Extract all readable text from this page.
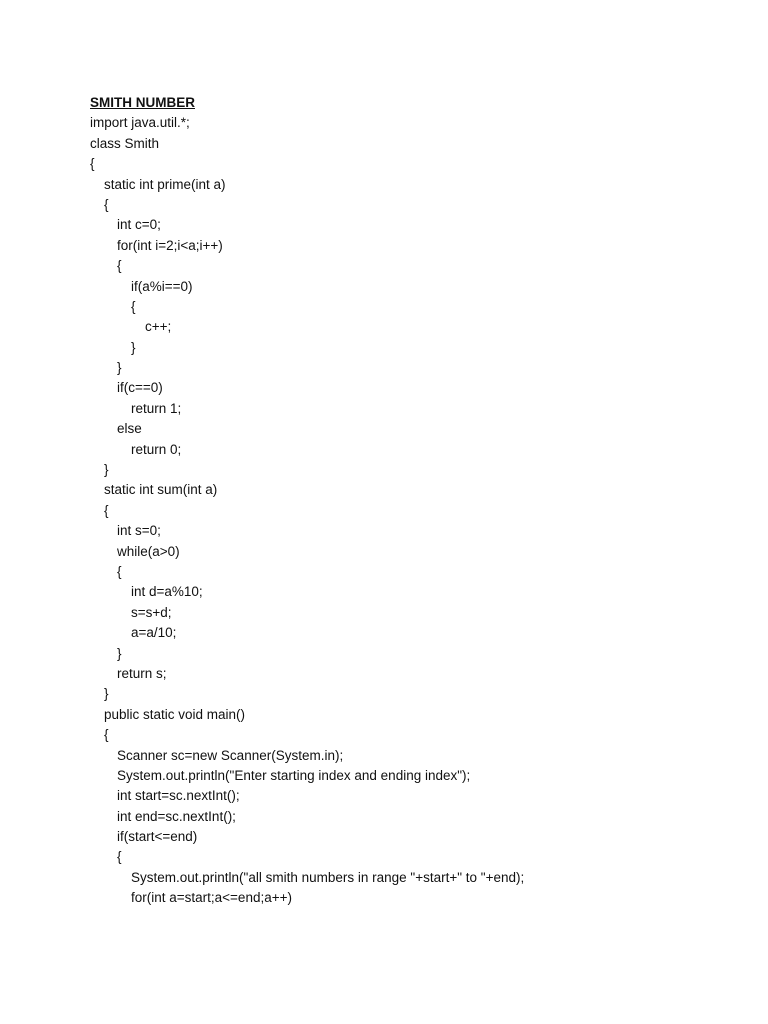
SMITH NUMBER
import java.util.*;
class Smith
{
static int prime(int a)
{
int c=0;
for(int i=2;i<a;i++)
{
if(a%i==0)
{
c++;
}
}
if(c==0)
return 1;
else
return 0;
}
static int sum(int a)
{
int s=0;
while(a>0)
{
int d=a%10;
s=s+d;
a=a/10;
}
return s;
}
public static void main()
{
Scanner sc=new Scanner(System.in);
System.out.println("Enter starting index and ending index");
int start=sc.nextInt();
int end=sc.nextInt();
if(start<=end)
{
System.out.println("all smith numbers in range "+start+" to "+end);
for(int a=start;a<=end;a++)
